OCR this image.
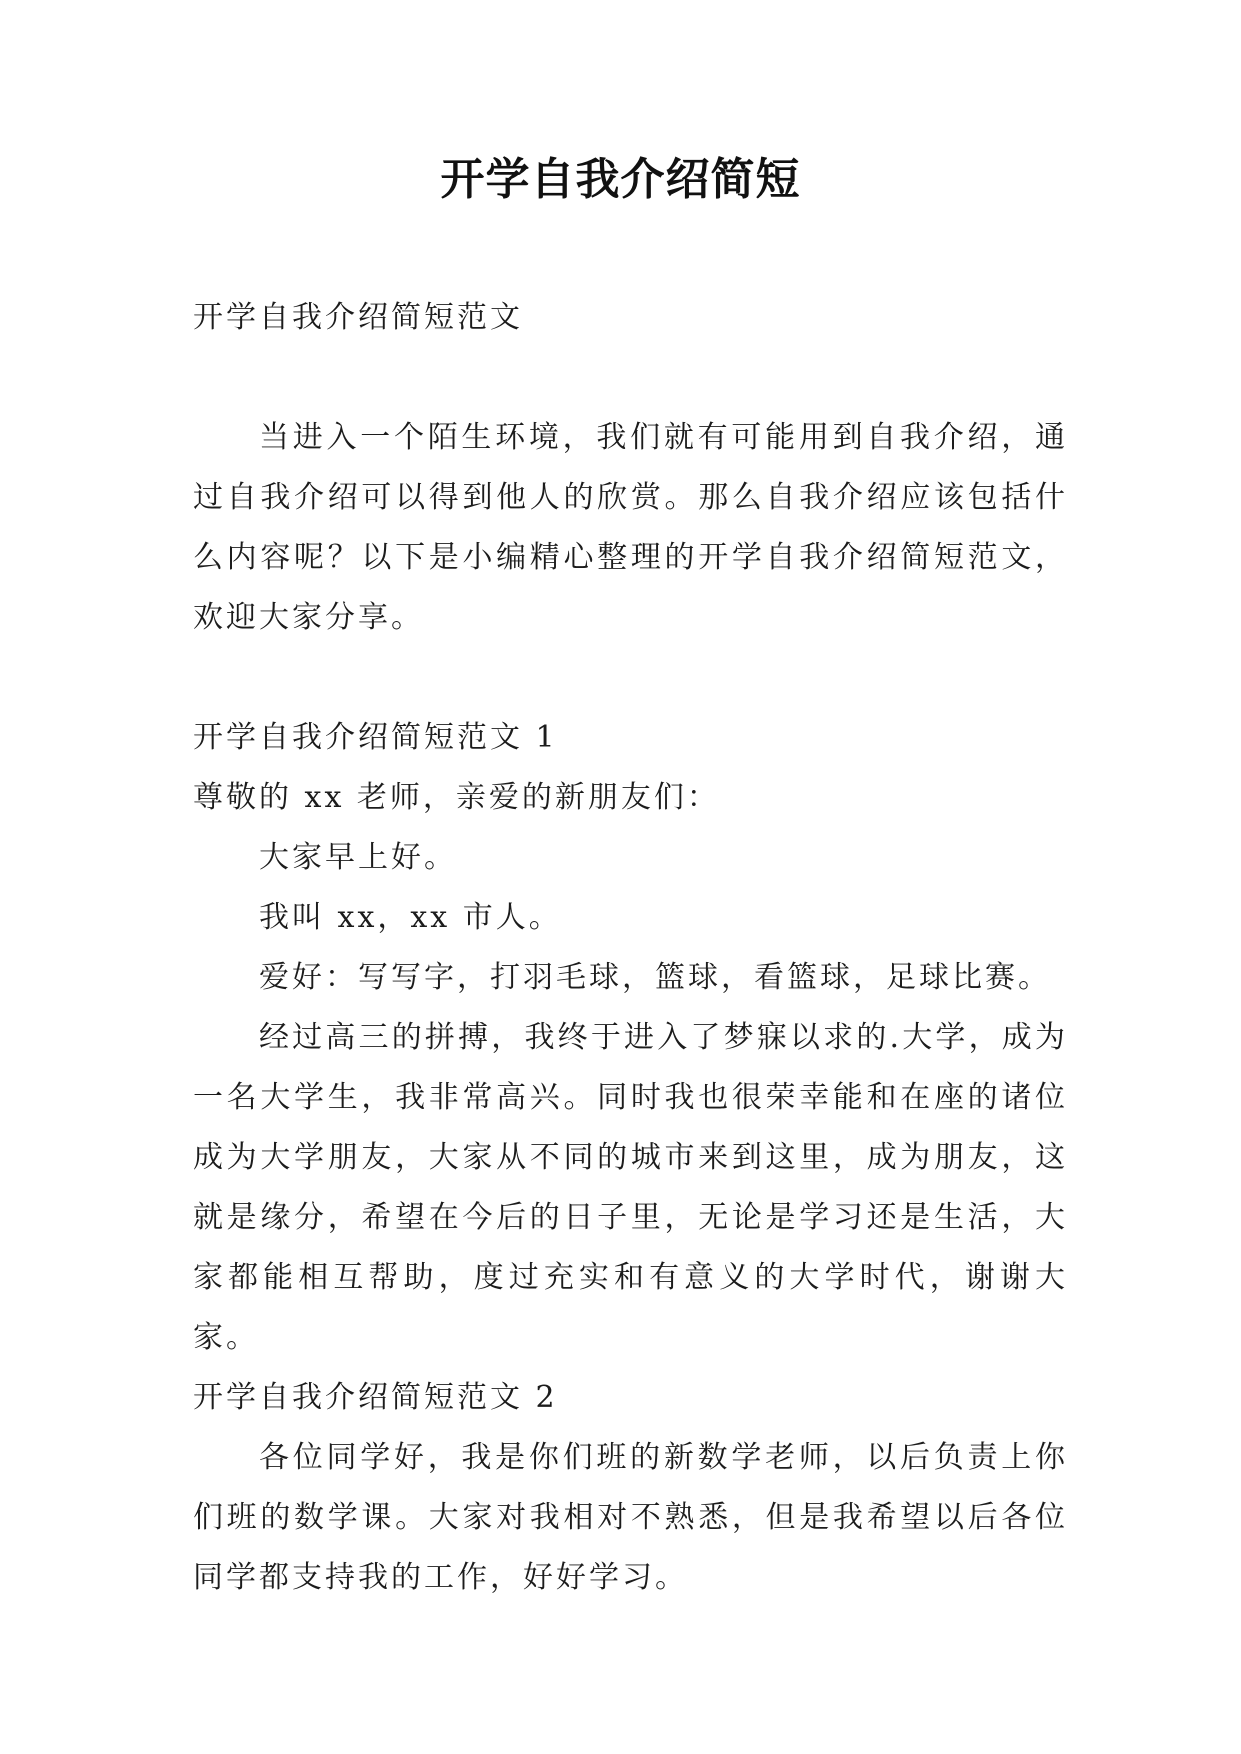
开学自我介绍简短

开学自我介绍简短范文

当进入一个陌生环境，我们就有可能用到自我介绍，通过自我介绍可以得到他人的欣赏。那么自我介绍应该包括什么内容呢？以下是小编精心整理的开学自我介绍简短范文，欢迎大家分享。

开学自我介绍简短范文 1

尊敬的 xx 老师，亲爱的新朋友们：

大家早上好。

我叫 xx，xx 市人。

爱好：写写字，打羽毛球，篮球，看篮球，足球比赛。

经过高三的拼搏，我终于进入了梦寐以求的.大学，成为一名大学生，我非常高兴。同时我也很荣幸能和在座的诸位成为大学朋友，大家从不同的城市来到这里，成为朋友，这就是缘分，希望在今后的日子里，无论是学习还是生活，大家都能相互帮助，度过充实和有意义的大学时代，谢谢大家。

开学自我介绍简短范文 2

各位同学好，我是你们班的新数学老师，以后负责上你们班的数学课。大家对我相对不熟悉，但是我希望以后各位同学都支持我的工作，好好学习。
